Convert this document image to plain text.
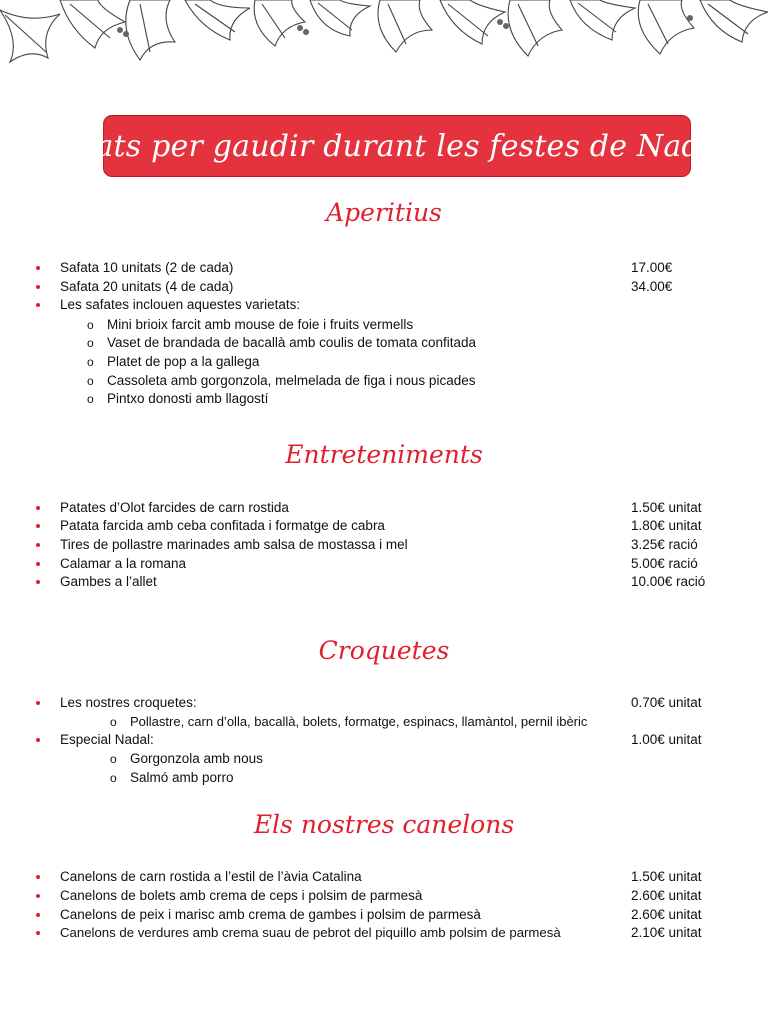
Plats per gaudir durant les festes de Nadal
Aperitius
Safata 10 unitats (2 de cada)	17.00€
Safata 20 unitats (4 de cada)	34.00€
Les safates inclouen aquestes varietats:
o Mini brioix farcit amb mouse de foie i fruits vermells
o Vaset de brandada de bacallà amb coulis de tomata confitada
o Platet de pop a la gallega
o Cassoleta amb gorgonzola, melmelada de figa i nous picades
o Pintxo donosti amb llagostí
Entreteniments
Patates d’Olot farcides de carn rostida	1.50€ unitat
Patata farcida amb ceba confitada i formatge de cabra	1.80€ unitat
Tires de pollastre marinades amb salsa de mostassa i mel	3.25€ ració
Calamar a la romana	5.00€ ració
Gambes a l’allet	10.00€ ració
Croquetes
Les nostres croquetes:	0.70€ unitat
o Pollastre, carn d’olla, bacallà, bolets, formatge, espinacs, llamàntol, pernil ibèric
Especial Nadal:	1.00€ unitat
o Gorgonzola amb nous
o Salmó amb porro
Els nostres canelons
Canelons de carn rostida a l’estil de l’àvia Catalina	1.50€ unitat
Canelons de bolets amb crema de ceps i polsim de parmesà	2.60€ unitat
Canelons de peix i marisc amb crema de gambes i polsim de parmesà	2.60€ unitat
Canelons de verdures amb crema suau de pebrot del piquillo amb polsim de parmesà	2.10€ unitat
